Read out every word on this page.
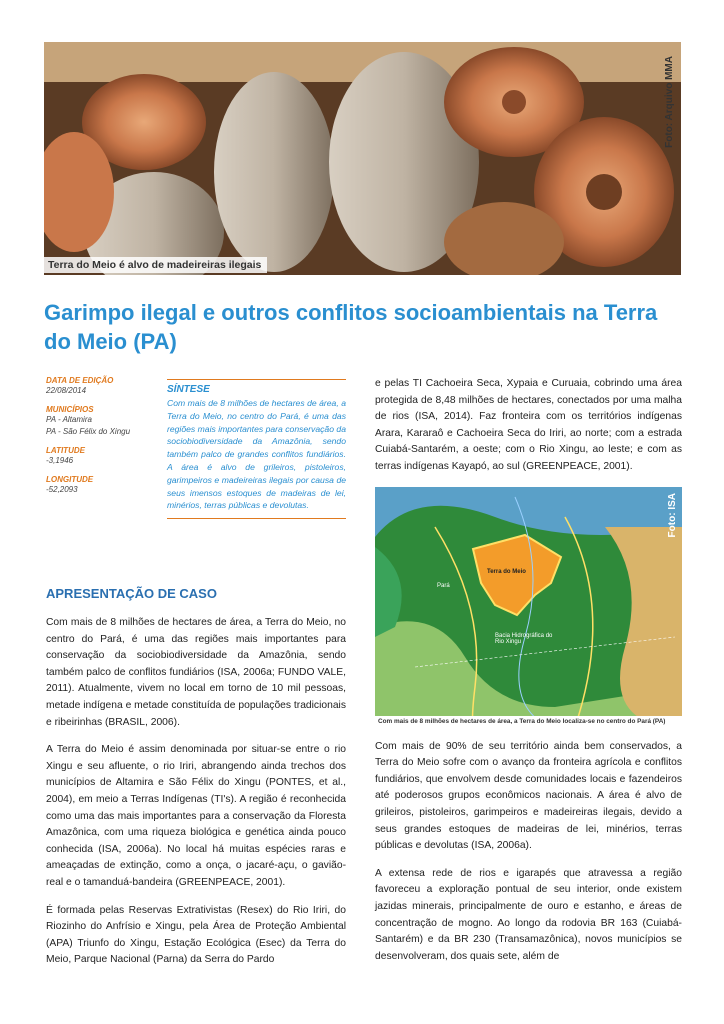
Foto: Arquivo MMA
Terra do Meio é alvo de madeireiras ilegais
Garimpo ilegal e outros conflitos socioambientais na Terra do Meio (PA)
DATA DE EDIÇÃO
22/08/2014
MUNICÍPIOS
PA - Altamira
PA - São Félix do Xingu
LATITUDE
-3,1946
LONGITUDE
-52,2093
SÍNTESE

Com mais de 8 milhões de hectares de área, a Terra do Meio, no centro do Pará, é uma das regiões mais importantes para conservação da sociobiodiversidade da Amazônia, sendo também palco de grandes conflitos fundiários. A área é alvo de grileiros, pistoleiros, garimpeiros e madeireiras ilegais por causa de seus imensos estoques de madeiras de lei, minérios, terras públicas e devolutas.

APRESENTAÇÃO DE CASO

Com mais de 8 milhões de hectares de área, a Terra do Meio, no centro do Pará, é uma das regiões mais importantes para conservação da sociobiodiversidade da Amazônia, sendo também palco de conflitos fundiários (ISA, 2006a; FUNDO VALE, 2011). Atualmente, vivem no local em torno de 10 mil pessoas, metade indígena e metade constituída de populações tradicionais e ribeirinhas (BRASIL, 2006).

A Terra do Meio é assim denominada por situar-se entre o rio Xingu e seu afluente, o rio Iriri, abrangendo ainda trechos dos municípios de Altamira e São Félix do Xingu (PONTES, et al., 2004), em meio a Terras Indígenas (TI's). A região é reconhecida como uma das mais importantes para a conservação da Floresta Amazônica, com uma riqueza biológica e genética ainda pouco conhecida (ISA, 2006a). No local há muitas espécies raras e ameaçadas de extinção, como a onça, o jacaré-açu, o gavião-real e o tamanduá-bandeira (GREENPEACE, 2001).

É formada pelas Reservas Extrativistas (Resex) do Rio Iriri, do Riozinho do Anfrísio e Xingu, pela Área de Proteção Ambiental (APA) Triunfo do Xingu, Estação Ecológica (Esec) da Terra do Meio, Parque Nacional (Parna) da Serra do Pardo

e pelas TI Cachoeira Seca, Xypaia e Curuaia, cobrindo uma área protegida de 8,48 milhões de hectares, conectados por uma malha de rios (ISA, 2014). Faz fronteira com os territórios indígenas Arara, Kararaô e Cachoeira Seca do Iriri, ao norte; com a estrada Cuiabá-Santarém, a oeste; com o Rio Xingu, ao leste; e com as terras indígenas Kayapó, ao sul (GREENPEACE, 2001).

Foto: ISA
Terra do Meio
Pará
Bacia Hidrográfica do Rio Xingu
Com mais de 8 milhões de hectares de área, a Terra do Meio localiza-se no centro do Pará (PA)

Com mais de 90% de seu território ainda bem conservados, a Terra do Meio sofre com o avanço da fronteira agrícola e conflitos fundiários, que envolvem desde comunidades locais e fazendeiros até poderosos grupos econômicos nacionais. A área é alvo de grileiros, pistoleiros, garimpeiros e madeireiras ilegais, devido a seus grandes estoques de madeiras de lei, minérios, terras públicas e devolutas (ISA, 2006a).

A extensa rede de rios e igarapés que atravessa a região favoreceu a exploração pontual de seu interior, onde existem jazidas minerais, principalmente de ouro e estanho, e áreas de concentração de mogno. Ao longo da rodovia BR 163 (Cuiabá-Santarém) e da BR 230 (Transamazônica), novos municípios se desenvolveram, dos quais sete, além de
